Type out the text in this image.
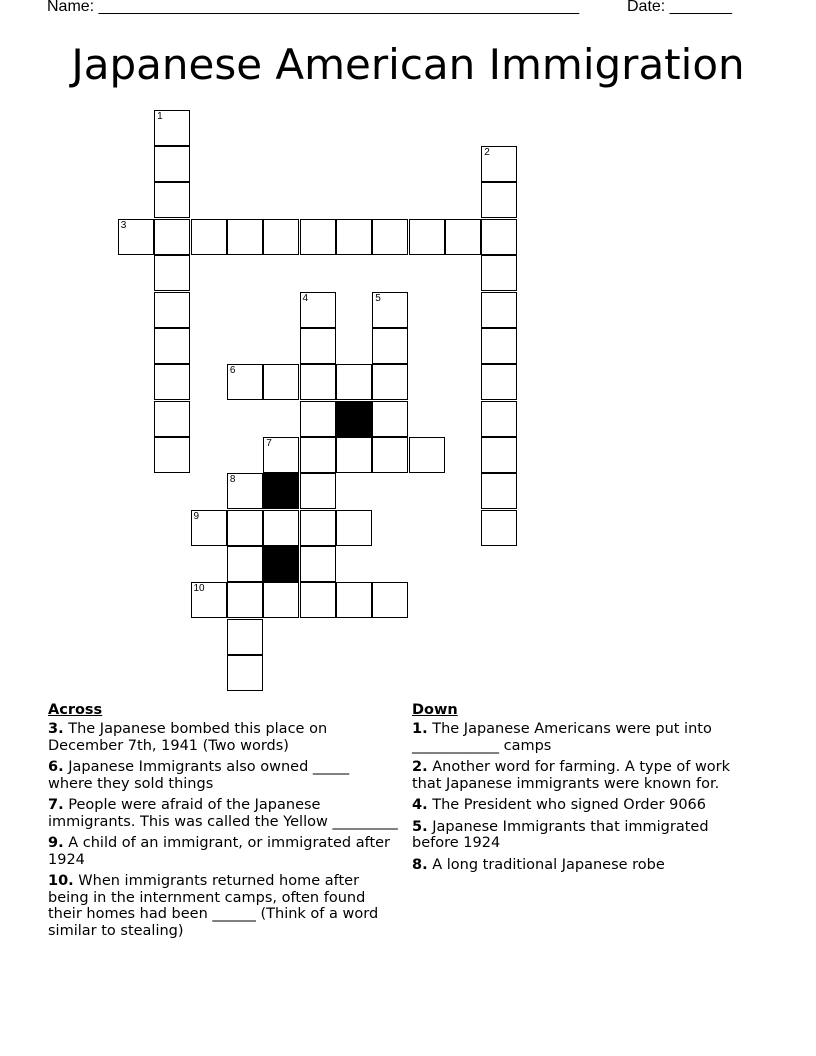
Name: ______________________________________________________	Date: _______
Japanese American Immigration
1
2
3
4	5
6
7
8
9
10
Across
3. The Japanese bombed this place on December 7th, 1941 (Two words)
6. Japanese Immigrants also owned _____ where they sold things
7. People were afraid of the Japanese immigrants. This was called the Yellow _________
9. A child of an immigrant, or immigrated after 1924
10. When immigrants returned home after being in the internment camps, often found their homes had been ______ (Think of a word similar to stealing)
Down
1. The Japanese Americans were put into ____________ camps
2. Another word for farming. A type of work that Japanese immigrants were known for.
4. The President who signed Order 9066
5. Japanese Immigrants that immigrated before 1924
8. A long traditional Japanese robe
